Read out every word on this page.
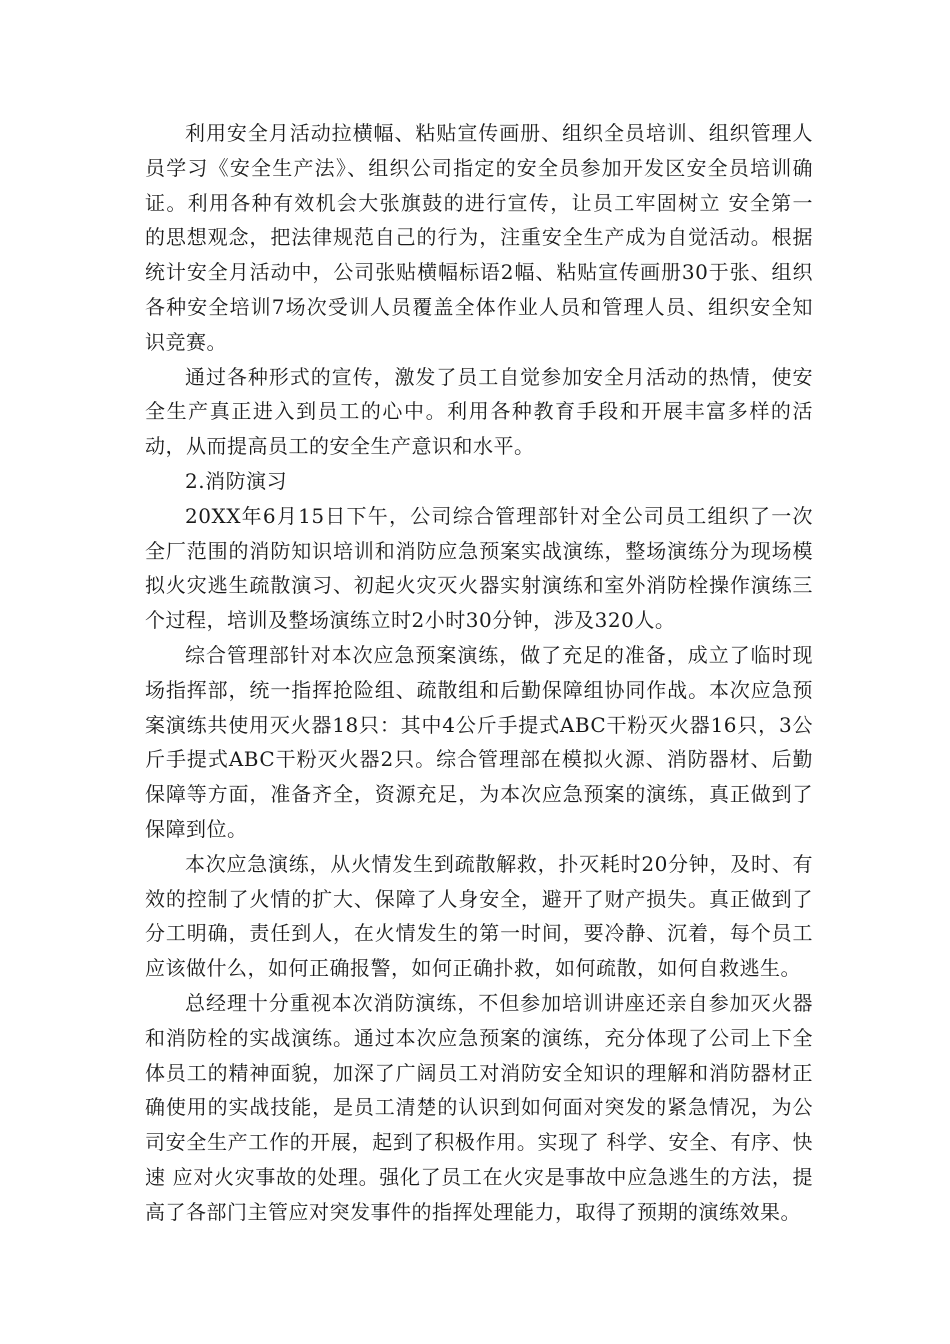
利用安全月活动拉横幅、粘贴宣传画册、组织全员培训、组织管理人员学习《安全生产法》、组织公司指定的安全员参加开发区安全员培训确证。利用各种有效机会大张旗鼓的进行宣传，让员工牢固树立 安全第一 的思想观念，把法律规范自己的行为，注重安全生产成为自觉活动。根据统计安全月活动中，公司张贴横幅标语2幅、粘贴宣传画册30于张、组织各种安全培训7场次受训人员覆盖全体作业人员和管理人员、组织安全知识竞赛。

通过各种形式的宣传，激发了员工自觉参加安全月活动的热情，使安全生产真正进入到员工的心中。利用各种教育手段和开展丰富多样的活动，从而提高员工的安全生产意识和水平。

2.消防演习

20XX年6月15日下午，公司综合管理部针对全公司员工组织了一次全厂范围的消防知识培训和消防应急预案实战演练，整场演练分为现场模拟火灾逃生疏散演习、初起火灾灭火器实射演练和室外消防栓操作演练三个过程，培训及整场演练立时2小时30分钟，涉及320人。

综合管理部针对本次应急预案演练，做了充足的准备，成立了临时现场指挥部，统一指挥抢险组、疏散组和后勤保障组协同作战。本次应急预案演练共使用灭火器18只：其中4公斤手提式ABC干粉灭火器16只，3公斤手提式ABC干粉灭火器2只。综合管理部在模拟火源、消防器材、后勤保障等方面，准备齐全，资源充足，为本次应急预案的演练，真正做到了保障到位。

本次应急演练，从火情发生到疏散解救，扑灭耗时20分钟，及时、有效的控制了火情的扩大、保障了人身安全，避开了财产损失。真正做到了分工明确，责任到人，在火情发生的第一时间，要冷静、沉着，每个员工应该做什么，如何正确报警，如何正确扑救，如何疏散，如何自救逃生。

总经理十分重视本次消防演练，不但参加培训讲座还亲自参加灭火器和消防栓的实战演练。通过本次应急预案的演练，充分体现了公司上下全体员工的精神面貌，加深了广阔员工对消防安全知识的理解和消防器材正确使用的实战技能，是员工清楚的认识到如何面对突发的紧急情况，为公司安全生产工作的开展，起到了积极作用。实现了 科学、安全、有序、快速 应对火灾事故的处理。强化了员工在火灾是事故中应急逃生的方法，提高了各部门主管应对突发事件的指挥处理能力，取得了预期的演练效果。
